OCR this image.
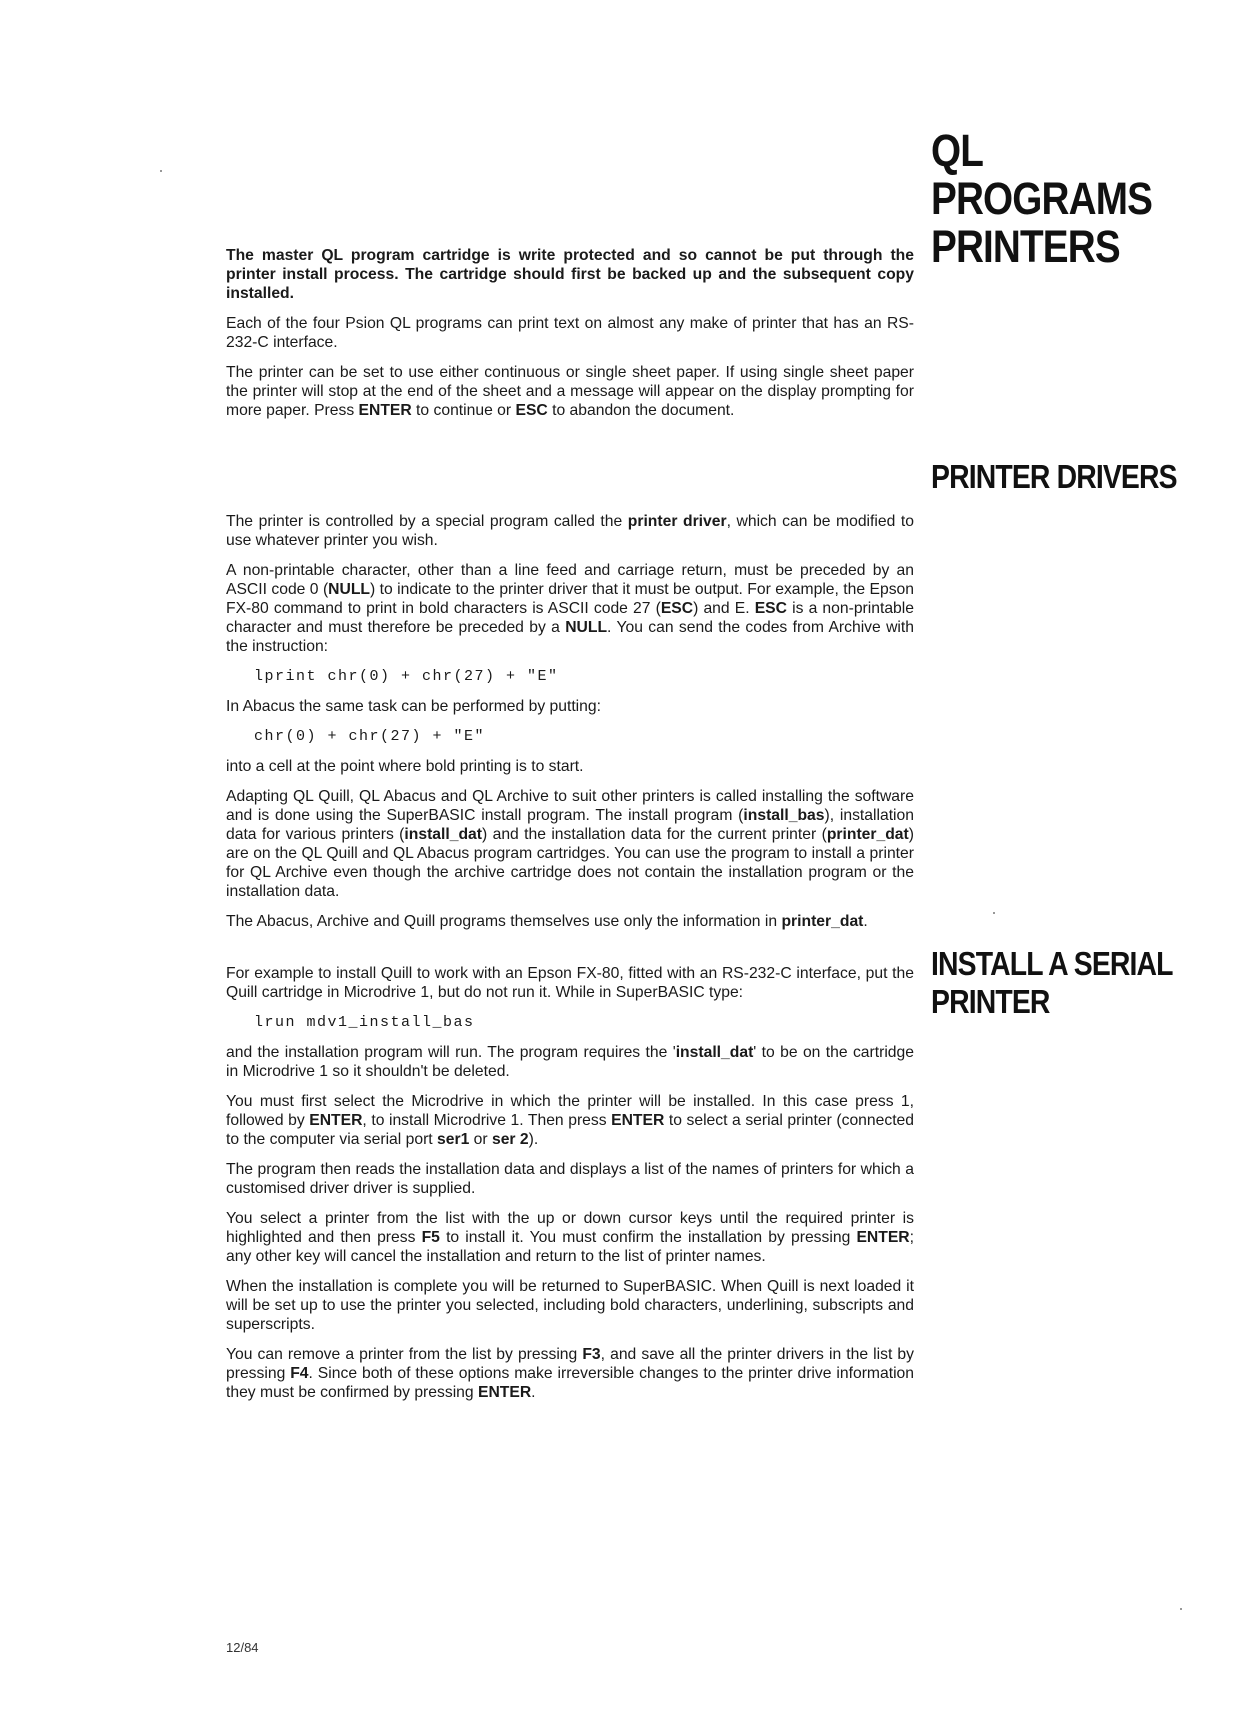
QL
PROGRAMS
PRINTERS
PRINTER DRIVERS
INSTALL A SERIAL
PRINTER

The master QL program cartridge is write protected and so cannot be put through the printer install process. The cartridge should first be backed up and the subsequent copy installed.

Each of the four Psion QL programs can print text on almost any make of printer that has an RS-232-C interface.

The printer can be set to use either continuous or single sheet paper. If using single sheet paper the printer will stop at the end of the sheet and a message will appear on the display prompting for more paper. Press ENTER to continue or ESC to abandon the document.

The printer is controlled by a special program called the printer driver, which can be modified to use whatever printer you wish.

A non-printable character, other than a line feed and carriage return, must be preceded by an ASCII code 0 (NULL) to indicate to the printer driver that it must be output. For example, the Epson FX-80 command to print in bold characters is ASCII code 27 (ESC) and E. ESC is a non-printable character and must therefore be preceded by a NULL. You can send the codes from Archive with the instruction:

lprint chr(0) + chr(27) + "E"

In Abacus the same task can be performed by putting:

chr(0) + chr(27) + "E"

into a cell at the point where bold printing is to start.

Adapting QL Quill, QL Abacus and QL Archive to suit other printers is called installing the software and is done using the SuperBASIC install program. The install program (install_bas), installation data for various printers (install_dat) and the installation data for the current printer (printer_dat) are on the QL Quill and QL Abacus program cartridges. You can use the program to install a printer for QL Archive even though the archive cartridge does not contain the installation program or the installation data.

The Abacus, Archive and Quill programs themselves use only the information in printer_dat.

For example to install Quill to work with an Epson FX-80, fitted with an RS-232-C interface, put the Quill cartridge in Microdrive 1, but do not run it. While in SuperBASIC type:

lrun mdv1_install_bas

and the installation program will run. The program requires the 'install_dat' to be on the cartridge in Microdrive 1 so it shouldn't be deleted.

You must first select the Microdrive in which the printer will be installed. In this case press 1, followed by ENTER, to install Microdrive 1. Then press ENTER to select a serial printer (connected to the computer via serial port ser1 or ser 2).

The program then reads the installation data and displays a list of the names of printers for which a customised driver driver is supplied.

You select a printer from the list with the up or down cursor keys until the required printer is highlighted and then press F5 to install it. You must confirm the installation by pressing ENTER; any other key will cancel the installation and return to the list of printer names.

When the installation is complete you will be returned to SuperBASIC. When Quill is next loaded it will be set up to use the printer you selected, including bold characters, underlining, subscripts and superscripts.

You can remove a printer from the list by pressing F3, and save all the printer drivers in the list by pressing F4. Since both of these options make irreversible changes to the printer drive information they must be confirmed by pressing ENTER.

12/84
